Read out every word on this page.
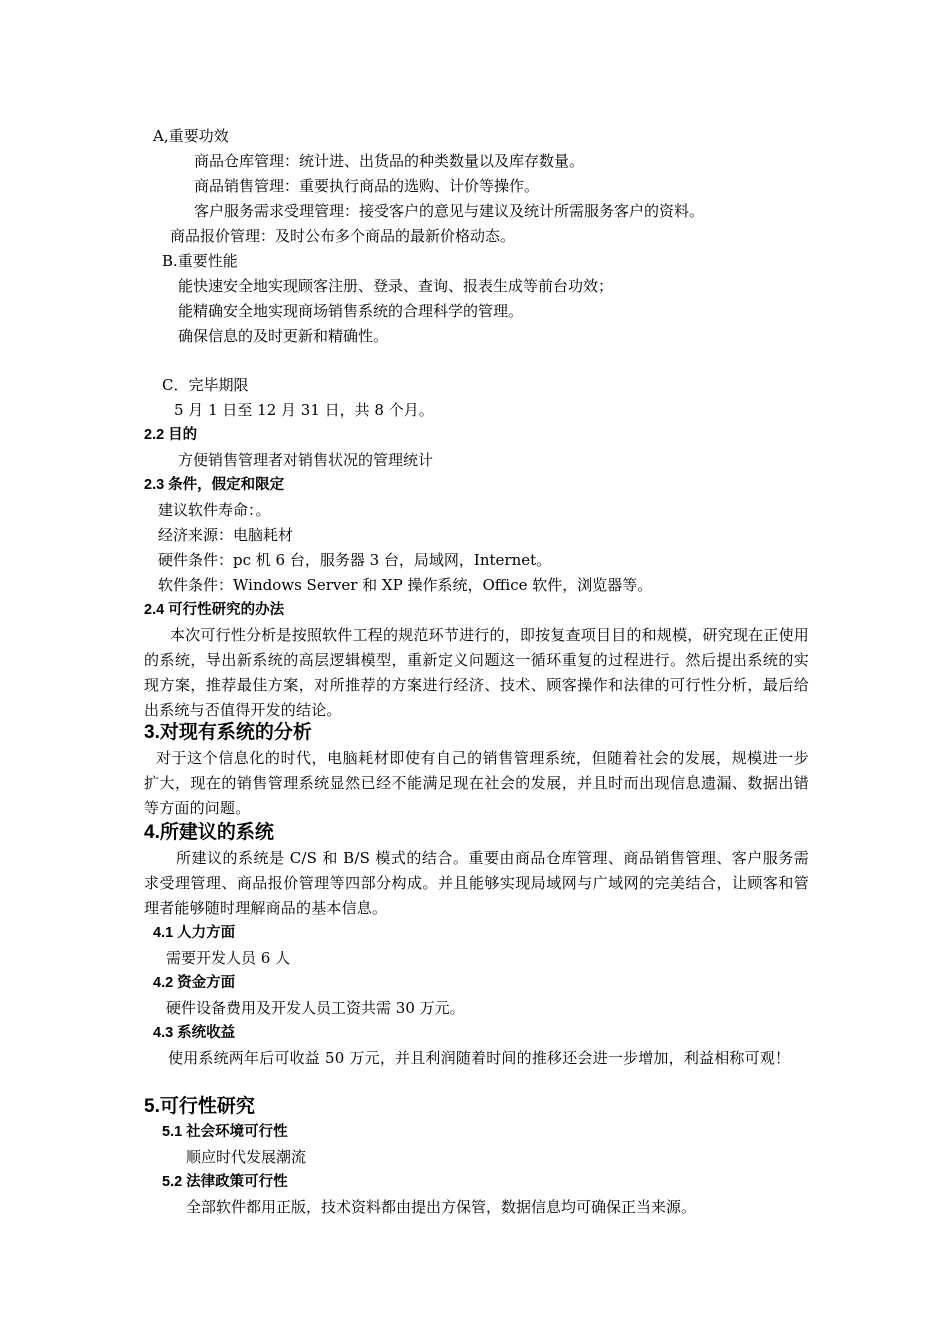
A,重要功效
商品仓库管理：统计进、出货品的种类数量以及库存数量。
商品销售管理：重要执行商品的选购、计价等操作。
客户服务需求受理管理：接受客户的意见与建议及统计所需服务客户的资料。
商品报价管理：及时公布多个商品的最新价格动态。
B.重要性能
能快速安全地实现顾客注册、登录、查询、报表生成等前台功效；
能精确安全地实现商场销售系统的合理科学的管理。
确保信息的及时更新和精确性。
C．完毕期限
5 月 1 日至 12 月 31 日，共 8 个月。
2.2 目的
方便销售管理者对销售状况的管理统计
2.3 条件，假定和限定
建议软件寿命：。
经济来源：电脑耗材
硬件条件：pc 机 6 台，服务器 3 台，局域网，Internet。
软件条件：Windows Server 和 XP 操作系统，Office 软件，浏览器等。
2.4 可行性研究的办法
本次可行性分析是按照软件工程的规范环节进行的，即按复查项目目的和规模，研究现在正使用的系统，导出新系统的高层逻辑模型，重新定义问题这一循环重复的过程进行。然后提出系统的实现方案，推荐最佳方案，对所推荐的方案进行经济、技术、顾客操作和法律的可行性分析，最后给出系统与否值得开发的结论。
3.对现有系统的分析
对于这个信息化的时代，电脑耗材即使有自己的销售管理系统，但随着社会的发展，规模进一步扩大，现在的销售管理系统显然已经不能满足现在社会的发展，并且时而出现信息遗漏、数据出错等方面的问题。
4.所建议的系统
所建议的系统是 C/S 和 B/S 模式的结合。重要由商品仓库管理、商品销售管理、客户服务需求受理管理、商品报价管理等四部分构成。并且能够实现局域网与广域网的完美结合，让顾客和管理者能够随时理解商品的基本信息。
4.1 人力方面
需要开发人员 6 人
4.2 资金方面
硬件设备费用及开发人员工资共需 30 万元。
4.3 系统收益
使用系统两年后可收益 50 万元，并且利润随着时间的推移还会进一步增加，利益相称可观！
5.可行性研究
5.1 社会环境可行性
顺应时代发展潮流
5.2 法律政策可行性
全部软件都用正版，技术资料都由提出方保管，数据信息均可确保正当来源。
